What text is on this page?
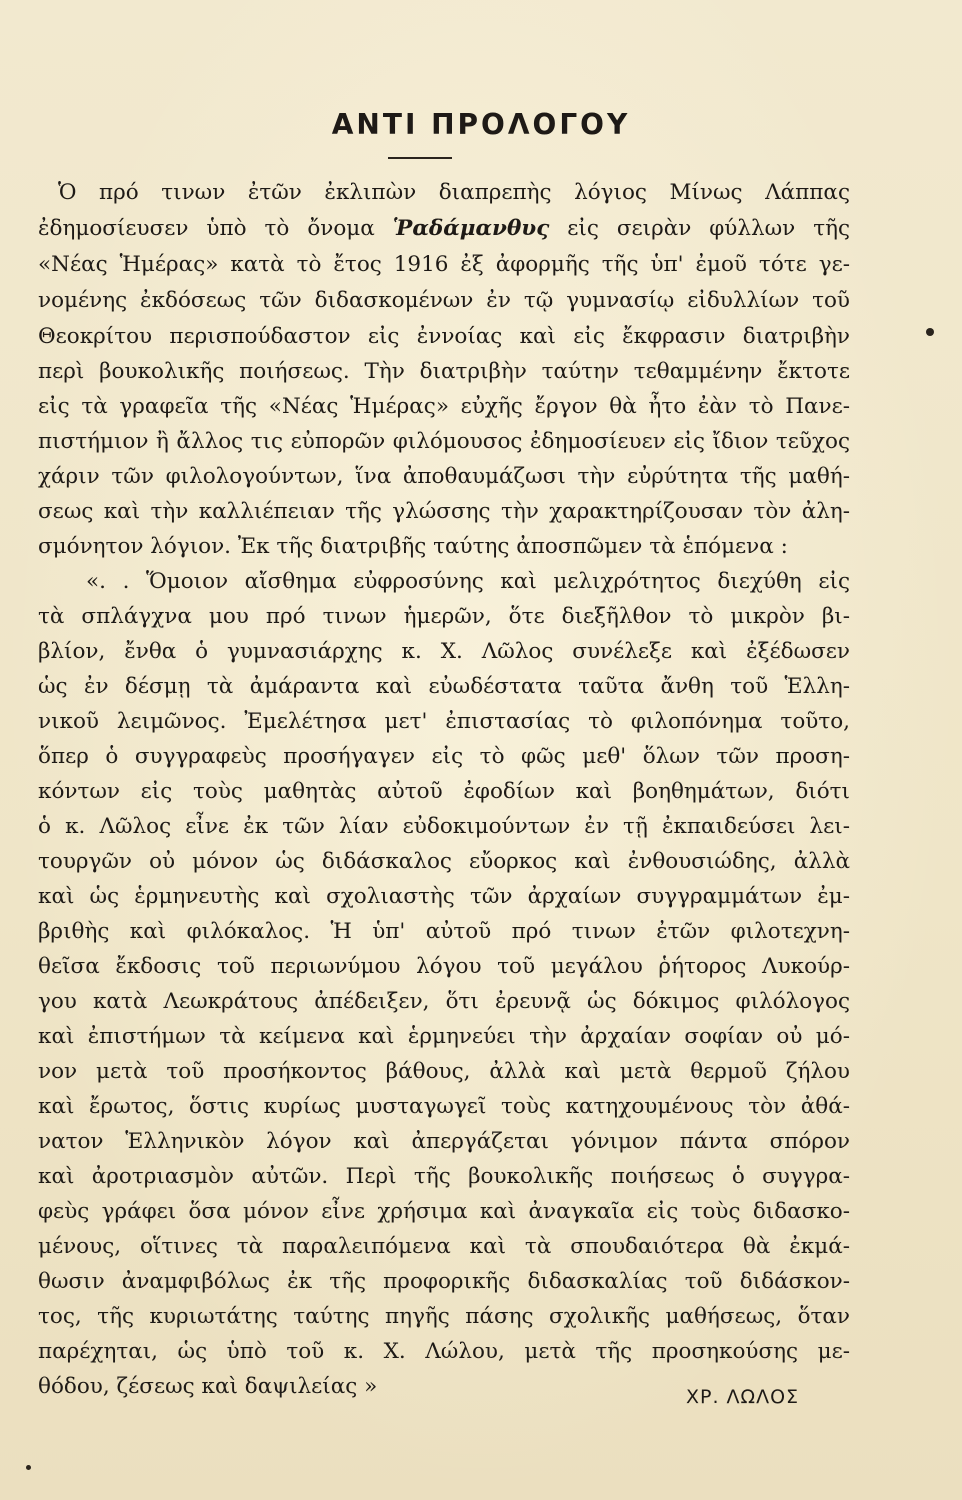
ΑΝΤΙ ΠΡΟΛΟΓΟΥ
Ὁ πρό τινων ἐτῶν ἐκλιπὼν διαπρεπὴς λόγιος Μίνως Λάππας
ἐδημοσίευσεν ὑπὸ τὸ ὄνομα Ῥαδάμανθυς εἰς σειρὰν φύλλων τῆς
«Νέας Ἡμέρας» κατὰ τὸ ἔτος 1916 ἐξ ἀφορμῆς τῆς ὑπ' ἐμοῦ τότε γε-
νομένης ἐκδόσεως τῶν διδασκομένων ἐν τῷ γυμνασίῳ εἰδυλλίων τοῦ
Θεοκρίτου περισπούδαστον εἰς ἐννοίας καὶ εἰς ἔκφρασιν διατριβὴν
περὶ βουκολικῆς ποιήσεως. Τὴν διατριβὴν ταύτην τεθαμμένην ἔκτοτε
εἰς τὰ γραφεῖα τῆς «Νέας Ἡμέρας» εὐχῆς ἔργον θὰ ἦτο ἐὰν τὸ Πανε-
πιστήμιον ἢ ἄλλος τις εὐπορῶν φιλόμουσος ἐδημοσίευεν εἰς ἴδιον τεῦχος
χάριν τῶν φιλολογούντων, ἵνα ἀποθαυμάζωσι τὴν εὐρύτητα τῆς μαθή-
σεως καὶ τὴν καλλιέπειαν τῆς γλώσσης τὴν χαρακτηρίζουσαν τὸν ἀλη-
σμόνητον λόγιον. Ἐκ τῆς διατριβῆς ταύτης ἀποσπῶμεν τὰ ἑπόμενα :
«. . Ὅμοιον αἴσθημα εὐφροσύνης καὶ μελιχρότητος διεχύθη εἰς
τὰ σπλάγχνα μου πρό τινων ἡμερῶν, ὅτε διεξῆλθον τὸ μικρὸν βι-
βλίον, ἔνθα ὁ γυμνασιάρχης κ. Χ. Λῶλος συνέλεξε καὶ ἐξέδωσεν
ὡς ἐν δέσμῃ τὰ ἀμάραντα καὶ εὐωδέστατα ταῦτα ἄνθη τοῦ Ἑλλη-
νικοῦ λειμῶνος. Ἐμελέτησα μετ' ἐπιστασίας τὸ φιλοπόνημα τοῦτο,
ὅπερ ὁ συγγραφεὺς προσήγαγεν εἰς τὸ φῶς μεθ' ὅλων τῶν προση-
κόντων εἰς τοὺς μαθητὰς αὐτοῦ ἐφοδίων καὶ βοηθημάτων, διότι
ὁ κ. Λῶλος εἶνε ἐκ τῶν λίαν εὐδοκιμούντων ἐν τῇ ἐκπαιδεύσει λει-
τουργῶν οὐ μόνον ὡς διδάσκαλος εὔορκος καὶ ἐνθουσιώδης, ἀλλὰ
καὶ ὡς ἑρμηνευτὴς καὶ σχολιαστὴς τῶν ἀρχαίων συγγραμμάτων ἐμ-
βριθὴς καὶ φιλόκαλος. Ἡ ὑπ' αὐτοῦ πρό τινων ἐτῶν φιλοτεχνη-
θεῖσα ἔκδοσις τοῦ περιωνύμου λόγου τοῦ μεγάλου ῥήτορος Λυκούρ-
γου κατὰ Λεωκράτους ἀπέδειξεν, ὅτι ἐρευνᾷ ὡς δόκιμος φιλόλογος
καὶ ἐπιστήμων τὰ κείμενα καὶ ἑρμηνεύει τὴν ἀρχαίαν σοφίαν οὐ μό-
νον μετὰ τοῦ προσήκοντος βάθους, ἀλλὰ καὶ μετὰ θερμοῦ ζήλου
καὶ ἔρωτος, ὅστις κυρίως μυσταγωγεῖ τοὺς κατηχουμένους τὸν ἀθά-
νατον Ἑλληνικὸν λόγον καὶ ἀπεργάζεται γόνιμον πάντα σπόρον
καὶ ἀροτριασμὸν αὐτῶν. Περὶ τῆς βουκολικῆς ποιήσεως ὁ συγγρα-
φεὺς γράφει ὅσα μόνον εἶνε χρήσιμα καὶ ἀναγκαῖα εἰς τοὺς διδασκο-
μένους, οἵτινες τὰ παραλειπόμενα καὶ τὰ σπουδαιότερα θὰ ἐκμά-
θωσιν ἀναμφιβόλως ἐκ τῆς προφορικῆς διδασκαλίας τοῦ διδάσκον-
τος, τῆς κυριωτάτης ταύτης πηγῆς πάσης σχολικῆς μαθήσεως, ὅταν
παρέχηται, ὡς ὑπὸ τοῦ κ. Χ. Λώλου, μετὰ τῆς προσηκούσης με-
θόδου, ζέσεως καὶ δαψιλείας »	ΧΡ. ΛΩΛΟΣ
